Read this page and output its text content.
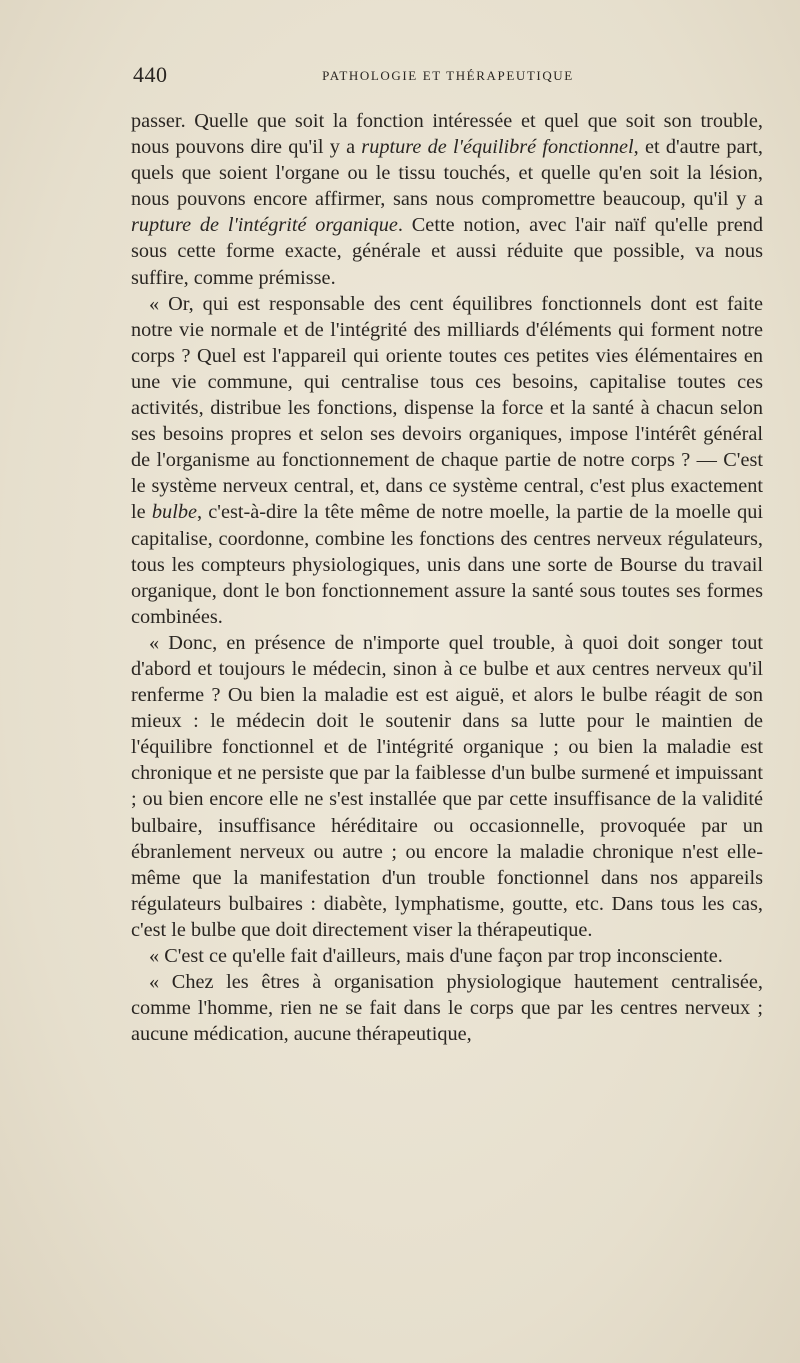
440	PATHOLOGIE ET THÉRAPEUTIQUE

passer. Quelle que soit la fonction intéressée et quel que soit son trouble, nous pouvons dire qu'il y a rupture de l'équilibré fonctionnel, et d'autre part, quels que soient l'organe ou le tissu touchés, et quelle qu'en soit la lésion, nous pouvons encore affirmer, sans nous compromettre beaucoup, qu'il y a rupture de l'intégrité organique. Cette notion, avec l'air naïf qu'elle prend sous cette forme exacte, générale et aussi réduite que possible, va nous suffire, comme prémisse.

« Or, qui est responsable des cent équilibres fonctionnels dont est faite notre vie normale et de l'intégrité des milliards d'éléments qui forment notre corps ? Quel est l'appareil qui oriente toutes ces petites vies élémentaires en une vie commune, qui centralise tous ces besoins, capitalise toutes ces activités, distribue les fonctions, dispense la force et la santé à chacun selon ses besoins propres et selon ses devoirs organiques, impose l'intérêt général de l'organisme au fonctionnement de chaque partie de notre corps ? — C'est le système nerveux central, et, dans ce système central, c'est plus exactement le bulbe, c'est-à-dire la tête même de notre moelle, la partie de la moelle qui capitalise, coordonne, combine les fonctions des centres nerveux régulateurs, tous les compteurs physiologiques, unis dans une sorte de Bourse du travail organique, dont le bon fonctionnement assure la santé sous toutes ses formes combinées.

« Donc, en présence de n'importe quel trouble, à quoi doit songer tout d'abord et toujours le médecin, sinon à ce bulbe et aux centres nerveux qu'il renferme ? Ou bien la maladie est est aiguë, et alors le bulbe réagit de son mieux : le médecin doit le soutenir dans sa lutte pour le maintien de l'équilibre fonctionnel et de l'intégrité organique ; ou bien la maladie est chronique et ne persiste que par la faiblesse d'un bulbe surmené et impuissant ; ou bien encore elle ne s'est installée que par cette insuffisance de la validité bulbaire, insuffisance héréditaire ou occasionnelle, provoquée par un ébranlement nerveux ou autre ; ou encore la maladie chronique n'est elle-même que la manifestation d'un trouble fonctionnel dans nos appareils régulateurs bulbaires : diabète, lymphatisme, goutte, etc. Dans tous les cas, c'est le bulbe que doit directement viser la thérapeutique.

« C'est ce qu'elle fait d'ailleurs, mais d'une façon par trop inconsciente.

« Chez les êtres à organisation physiologique hautement centralisée, comme l'homme, rien ne se fait dans le corps que par les centres nerveux ; aucune médication, aucune thérapeutique,
